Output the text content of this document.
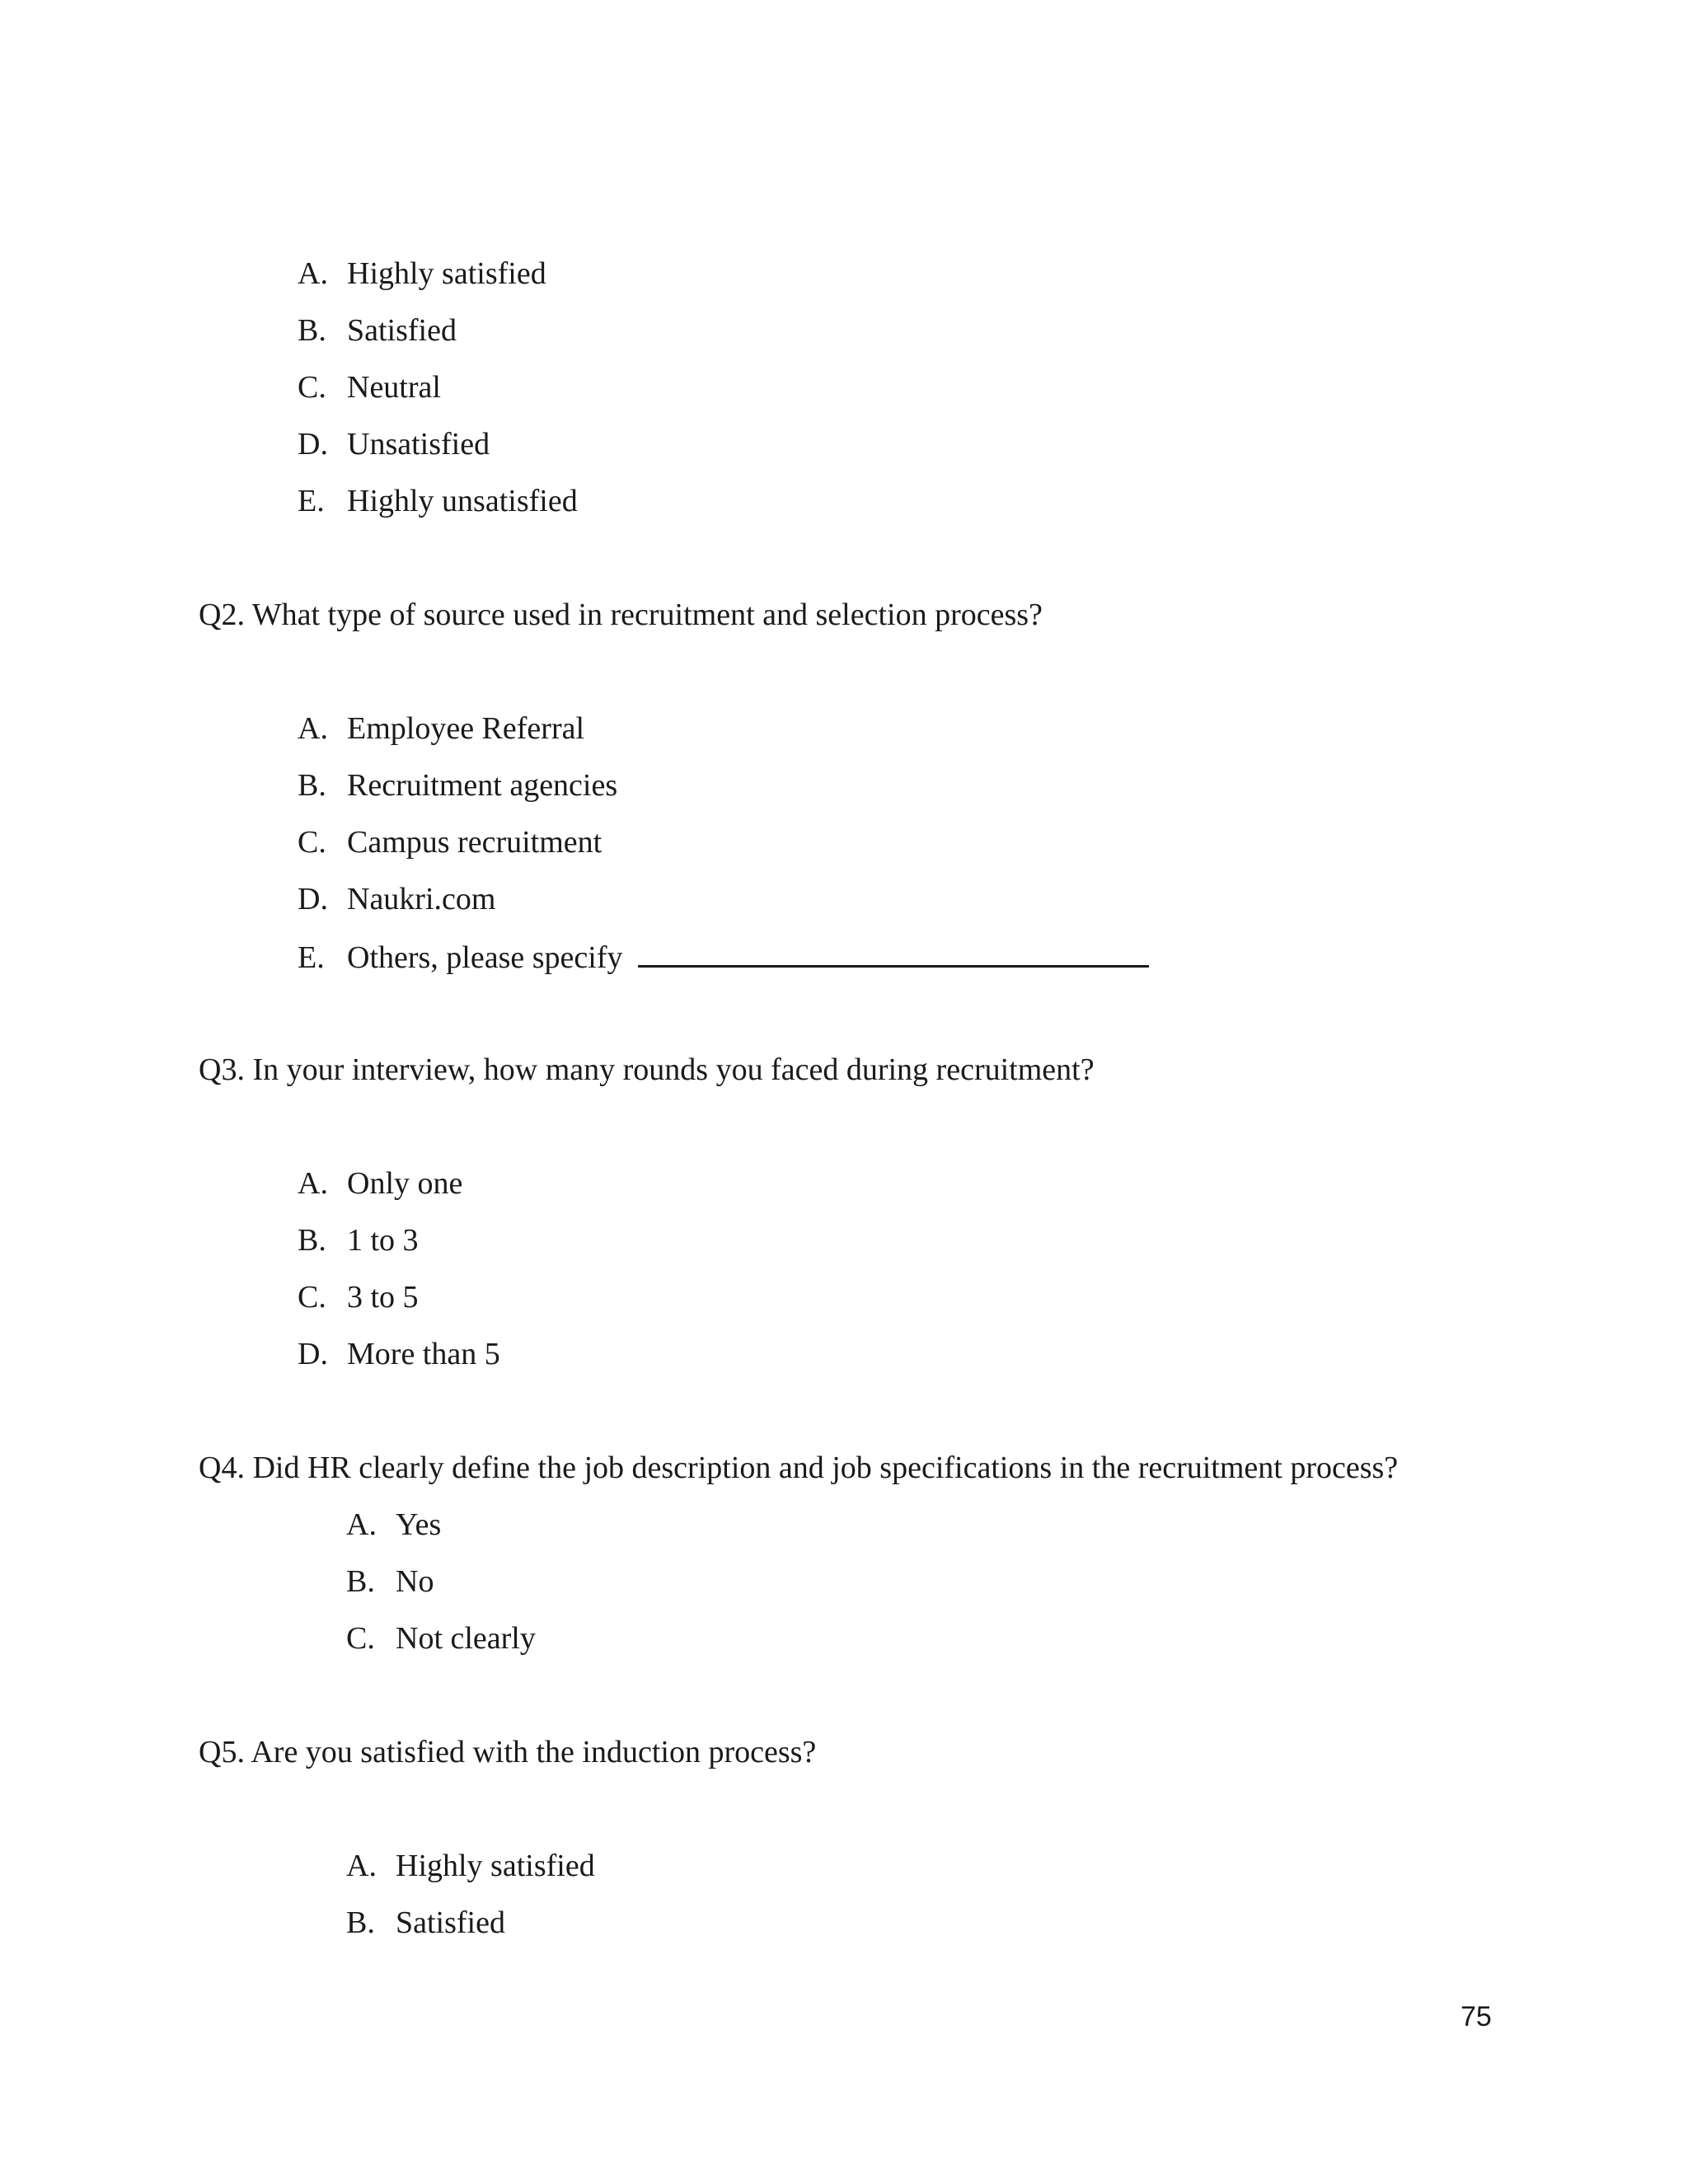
A. Highly satisfied
B. Satisfied
C. Neutral
D. Unsatisfied
E. Highly unsatisfied
Q2. What type of source used in recruitment and selection process?
A. Employee Referral
B. Recruitment agencies
C. Campus recruitment
D. Naukri.com
E. Others, please specify
Q3. In your interview, how many rounds you faced during recruitment?
A. Only one
B. 1 to 3
C. 3 to 5
D. More than 5
Q4. Did HR clearly define the job description and job specifications in the recruitment process?
A. Yes
B. No
C. Not clearly
Q5. Are you satisfied with the induction process?
A. Highly satisfied
B. Satisfied
75
